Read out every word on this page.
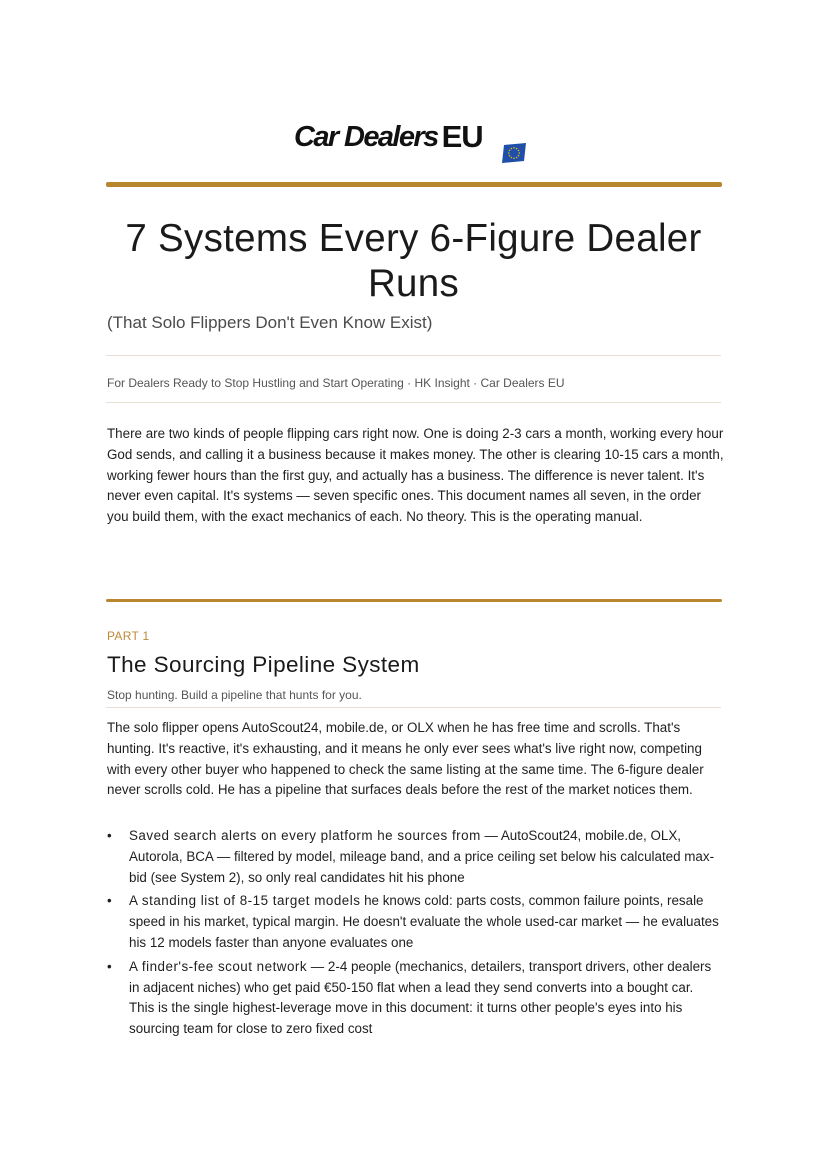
Car Dealers EU
7 Systems Every 6-Figure Dealer Runs
(That Solo Flippers Don't Even Know Exist)
For Dealers Ready to Stop Hustling and Start Operating · HK Insight · Car Dealers EU

There are two kinds of people flipping cars right now. One is doing 2-3 cars a month, working every hour God sends, and calling it a business because it makes money. The other is clearing 10-15 cars a month, working fewer hours than the first guy, and actually has a business. The difference is never talent. It's never even capital. It's systems — seven specific ones. This document names all seven, in the order you build them, with the exact mechanics of each. No theory. This is the operating manual.

PART 1
The Sourcing Pipeline System
Stop hunting. Build a pipeline that hunts for you.

The solo flipper opens AutoScout24, mobile.de, or OLX when he has free time and scrolls. That's hunting. It's reactive, it's exhausting, and it means he only ever sees what's live right now, competing with every other buyer who happened to check the same listing at the same time. The 6-figure dealer never scrolls cold. He has a pipeline that surfaces deals before the rest of the market notices them.

• Saved search alerts on every platform he sources from — AutoScout24, mobile.de, OLX, Autorola, BCA — filtered by model, mileage band, and a price ceiling set below his calculated max-bid (see System 2), so only real candidates hit his phone
• A standing list of 8-15 target models he knows cold: parts costs, common failure points, resale speed in his market, typical margin. He doesn't evaluate the whole used-car market — he evaluates his 12 models faster than anyone evaluates one
• A finder's-fee scout network — 2-4 people (mechanics, detailers, transport drivers, other dealers in adjacent niches) who get paid €50-150 flat when a lead they send converts into a bought car. This is the single highest-leverage move in this document: it turns other people's eyes into his sourcing team for close to zero fixed cost
